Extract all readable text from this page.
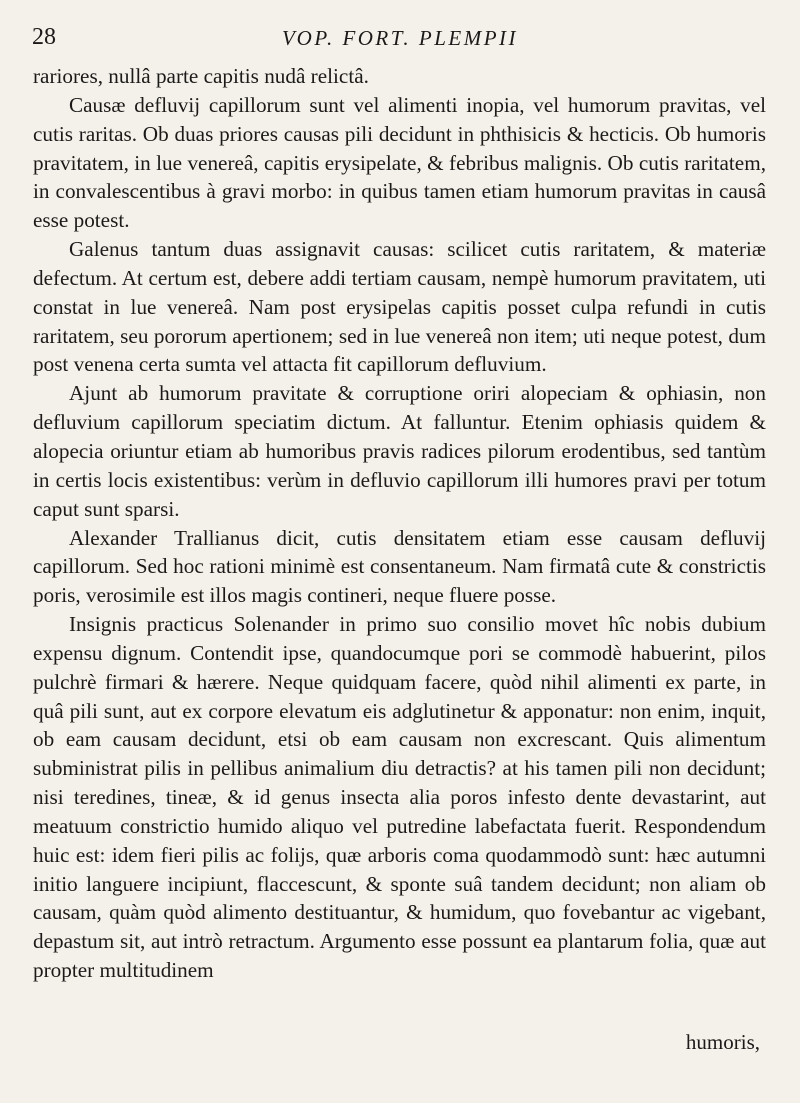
28	VOP. FORT. PLEMPII

rariores, nullâ parte capitis nudâ relictâ.

Causæ defluvij capillorum sunt vel alimenti inopia, vel humorum pravitas, vel cutis raritas. Ob duas priores causas pili decidunt in phthisicis & hecticis. Ob humoris pravitatem, in lue venereâ, capitis erysipelate, & febribus malignis. Ob cutis raritatem, in convalescentibus à gravi morbo: in quibus tamen etiam humorum pravitas in causâ esse potest.

Galenus tantum duas assignavit causas: scilicet cutis raritatem, & materiæ defectum. At certum est, debere addi tertiam causam, nempè humorum pravitatem, uti constat in lue venereâ. Nam post erysipelas capitis posset culpa refundi in cutis raritatem, seu pororum apertionem; sed in lue venereâ non item; uti neque potest, dum post venena certa sumta vel attacta fit capillorum defluvium.

Ajunt ab humorum pravitate & corruptione oriri alopeciam & ophiasin, non defluvium capillorum speciatim dictum. At falluntur. Etenim ophiasis quidem & alopecia oriuntur etiam ab humoribus pravis radices pilorum erodentibus, sed tantùm in certis locis existentibus: verùm in defluvio capillorum illi humores pravi per totum caput sunt sparsi.

Alexander Trallianus dicit, cutis densitatem etiam esse causam defluvij capillorum. Sed hoc rationi minimè est consentaneum. Nam firmatâ cute & constrictis poris, verosimile est illos magis contineri, neque fluere posse.

Insignis practicus Solenander in primo suo consilio movet hîc nobis dubium expensu dignum. Contendit ipse, quandocumque pori se commodè habuerint, pilos pulchrè firmari & hærere. Neque quidquam facere, quòd nihil alimenti ex parte, in quâ pili sunt, aut ex corpore elevatum eis adglutinetur & apponatur: non enim, inquit, ob eam causam decidunt, etsi ob eam causam non excrescant. Quis alimentum subministrat pilis in pellibus animalium diu detractis? at his tamen pili non decidunt; nisi teredines, tineæ, & id genus insecta alia poros infesto dente devastarint, aut meatuum constrictio humido aliquo vel putredine labefactata fuerit. Respondendum huic est: idem fieri pilis ac folijs, quæ arboris coma quodammodò sunt: hæc autumni initio languere incipiunt, flaccescunt, & sponte suâ tandem decidunt; non aliam ob causam, quàm quòd alimento destituantur, & humidum, quo fovebantur ac vigebant, depastum sit, aut intrò retractum. Argumento esse possunt ea plantarum folia, quæ aut propter multitudinem

humoris,
